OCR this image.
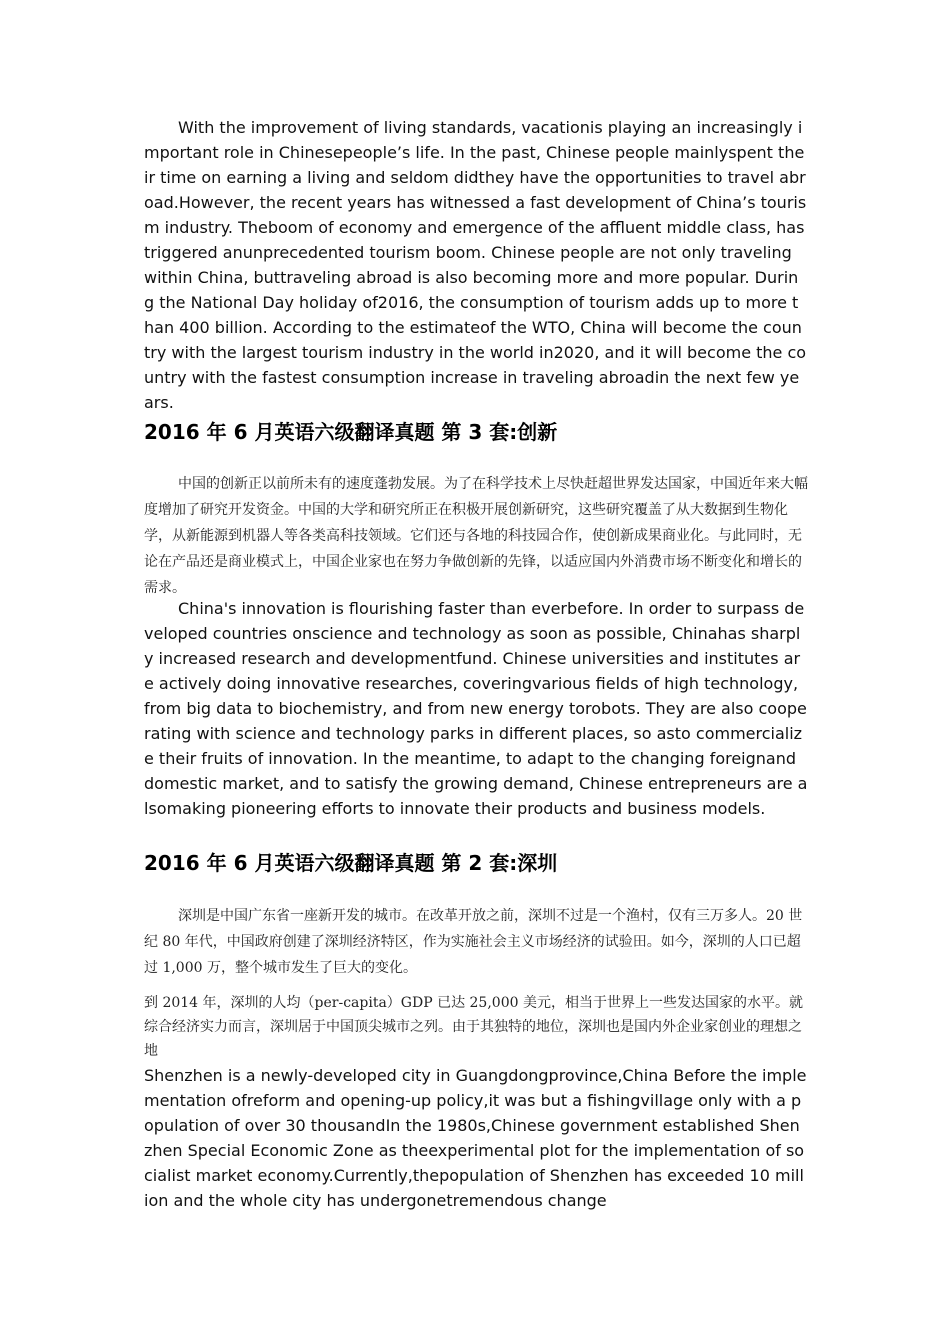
With the improvement of living standards, vacationis playing an increasingly important role in Chinesepeople’s life. In the past, Chinese people mainlyspent their time on earning a living and seldom didthey have the opportunities to travel abroad.However, the recent years has witnessed a fast development of China’s tourism industry. Theboom of economy and emergence of the affluent middle class, has triggered anunprecedented tourism boom. Chinese people are not only traveling within China, buttraveling abroad is also becoming more and more popular. During the National Day holiday of2016, the consumption of tourism adds up to more than 400 billion. According to the estimateof the WTO, China will become the country with the largest tourism industry in the world in2020, and it will become the country with the fastest consumption increase in traveling abroadin the next few years.

2016 年 6 月英语六级翻译真题 第 3 套:创新

中国的创新正以前所未有的速度蓬勃发展。为了在科学技术上尽快赶超世界发达国家，中国近年来大幅度增加了研究开发资金。中国的大学和研究所正在积极开展创新研究，这些研究覆盖了从大数据到生物化学，从新能源到机器人等各类高科技领域。它们还与各地的科技园合作，使创新成果商业化。与此同时，无论在产品还是商业模式上，中国企业家也在努力争做创新的先锋，以适应国内外消费市场不断变化和增长的需求。

China's innovation is flourishing faster than everbefore. In order to surpass developed countries onscience and technology as soon as possible, Chinahas sharply increased research and developmentfund. Chinese universities and institutes are actively doing innovative researches, coveringvarious fields of high technology, from big data to biochemistry, and from new energy torobots. They are also cooperating with science and technology parks in different places, so asto commercialize their fruits of innovation. In the meantime, to adapt to the changing foreignand domestic market, and to satisfy the growing demand, Chinese entrepreneurs are alsomaking pioneering efforts to innovate their products and business models.

2016 年 6 月英语六级翻译真题 第 2 套:深圳

深圳是中国广东省一座新开发的城市。在改革开放之前，深圳不过是一个渔村，仅有三万多人。20 世纪 80 年代，中国政府创建了深圳经济特区，作为实施社会主义市场经济的试验田。如今，深圳的人口已超过 1,000 万，整个城市发生了巨大的变化。

到 2014 年，深圳的人均（per-capita）GDP 已达 25,000 美元，相当于世界上一些发达国家的水平。就综合经济实力而言，深圳居于中国顶尖城市之列。由于其独特的地位，深圳也是国内外企业家创业的理想之地

Shenzhen is a newly-developed city in Guangdongprovince,China Before the implementation ofreform and opening-up policy,it was but a fishingvillage only with a population of over 30 thousandIn the 1980s,Chinese government established Shenzhen Special Economic Zone as theexperimental plot for the implementation of socialist market economy.Currently,thepopulation of Shenzhen has exceeded 10 million and the whole city has undergonetremendous change
